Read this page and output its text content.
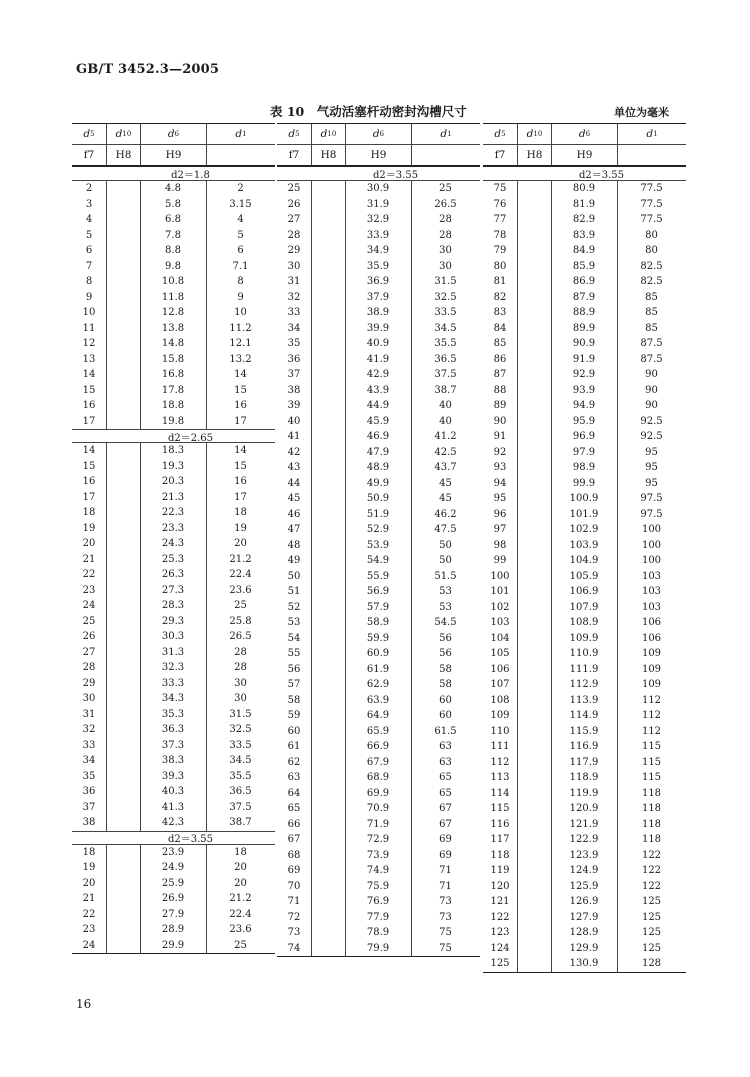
GB/T 3452.3—2005
表 10　气动活塞杆动密封沟槽尺寸	单位为毫米
16
d 5 d 10	d 6	d 1
f7	H8	H9
d2＝1.8
2	4.8	2
3	5.8	3.15
4	6.8	4
5	7.8	5
6	8.8	6
7	9.8	7.1
8	10.8	8
9	11.8	9
10	12.8	10
11	13.8	11.2
12	14.8	12.1
13	15.8	13.2
14	16.8	14
15	17.8	15
16	18.8	16
17	19.8	17
d2＝2.65
14	18.3	14
15	19.3	15
16	20.3	16
17	21.3	17
18	22.3	18
19	23.3	19
20	24.3	20
21	25.3	21.2
22	26.3	22.4
23	27.3	23.6
24	28.3	25
25	29.3	25.8
26	30.3	26.5
27	31.3	28
28	32.3	28
29	33.3	30
30	34.3	30
31	35.3	31.5
32	36.3	32.5
33	37.3	33.5
34	38.3	34.5
35	39.3	35.5
36	40.3	36.5
37	41.3	37.5
38	42.3	38.7
d2＝3.55
18	23.9	18
19	24.9	20
20	25.9	20
21	26.9	21.2
22	27.9	22.4
23	28.9	23.6
24	29.9	25
d 5 d 10	d 6	d 1
f7	H8	H9
d2＝3.55
25	30.9	25
26	31.9	26.5
27	32.9	28
28	33.9	28
29	34.9	30
30	35.9	30
31	36.9	31.5
32	37.9	32.5
33	38.9	33.5
34	39.9	34.5
35	40.9	35.5
36	41.9	36.5
37	42.9	37.5
38	43.9	38.7
39	44.9	40
40	45.9	40
41	46.9	41.2
42	47.9	42.5
43	48.9	43.7
44	49.9	45
45	50.9	45
46	51.9	46.2
47	52.9	47.5
48	53.9	50
49	54.9	50
50	55.9	51.5
51	56.9	53
52	57.9	53
53	58.9	54.5
54	59.9	56
55	60.9	56
56	61.9	58
57	62.9	58
58	63.9	60
59	64.9	60
60	65.9	61.5
61	66.9	63
62	67.9	63
63	68.9	65
64	69.9	65
65	70.9	67
66	71.9	67
67	72.9	69
68	73.9	69
69	74.9	71
70	75.9	71
71	76.9	73
72	77.9	73
73	78.9	75
74	79.9	75
d 5 d 10	d 6	d 1
f7	H8	H9
d2＝3.55
75	80.9	77.5
76	81.9	77.5
77	82.9	77.5
78	83.9	80
79	84.9	80
80	85.9	82.5
81	86.9	82.5
82	87.9	85
83	88.9	85
84	89.9	85
85	90.9	87.5
86	91.9	87.5
87	92.9	90
88	93.9	90
89	94.9	90
90	95.9	92.5
91	96.9	92.5
92	97.9	95
93	98.9	95
94	99.9	95
95	100.9	97.5
96	101.9	97.5
97	102.9	100
98	103.9	100
99	104.9	100
100	105.9	103
101	106.9	103
102	107.9	103
103	108.9	106
104	109.9	106
105	110.9	109
106	111.9	109
107	112.9	109
108	113.9	112
109	114.9	112
110	115.9	112
111	116.9	115
112	117.9	115
113	118.9	115
114	119.9	118
115	120.9	118
116	121.9	118
117	122.9	118
118	123.9	122
119	124.9	122
120	125.9	122
121	126.9	125
122	127.9	125
123	128.9	125
124	129.9	125
125	130.9	128
